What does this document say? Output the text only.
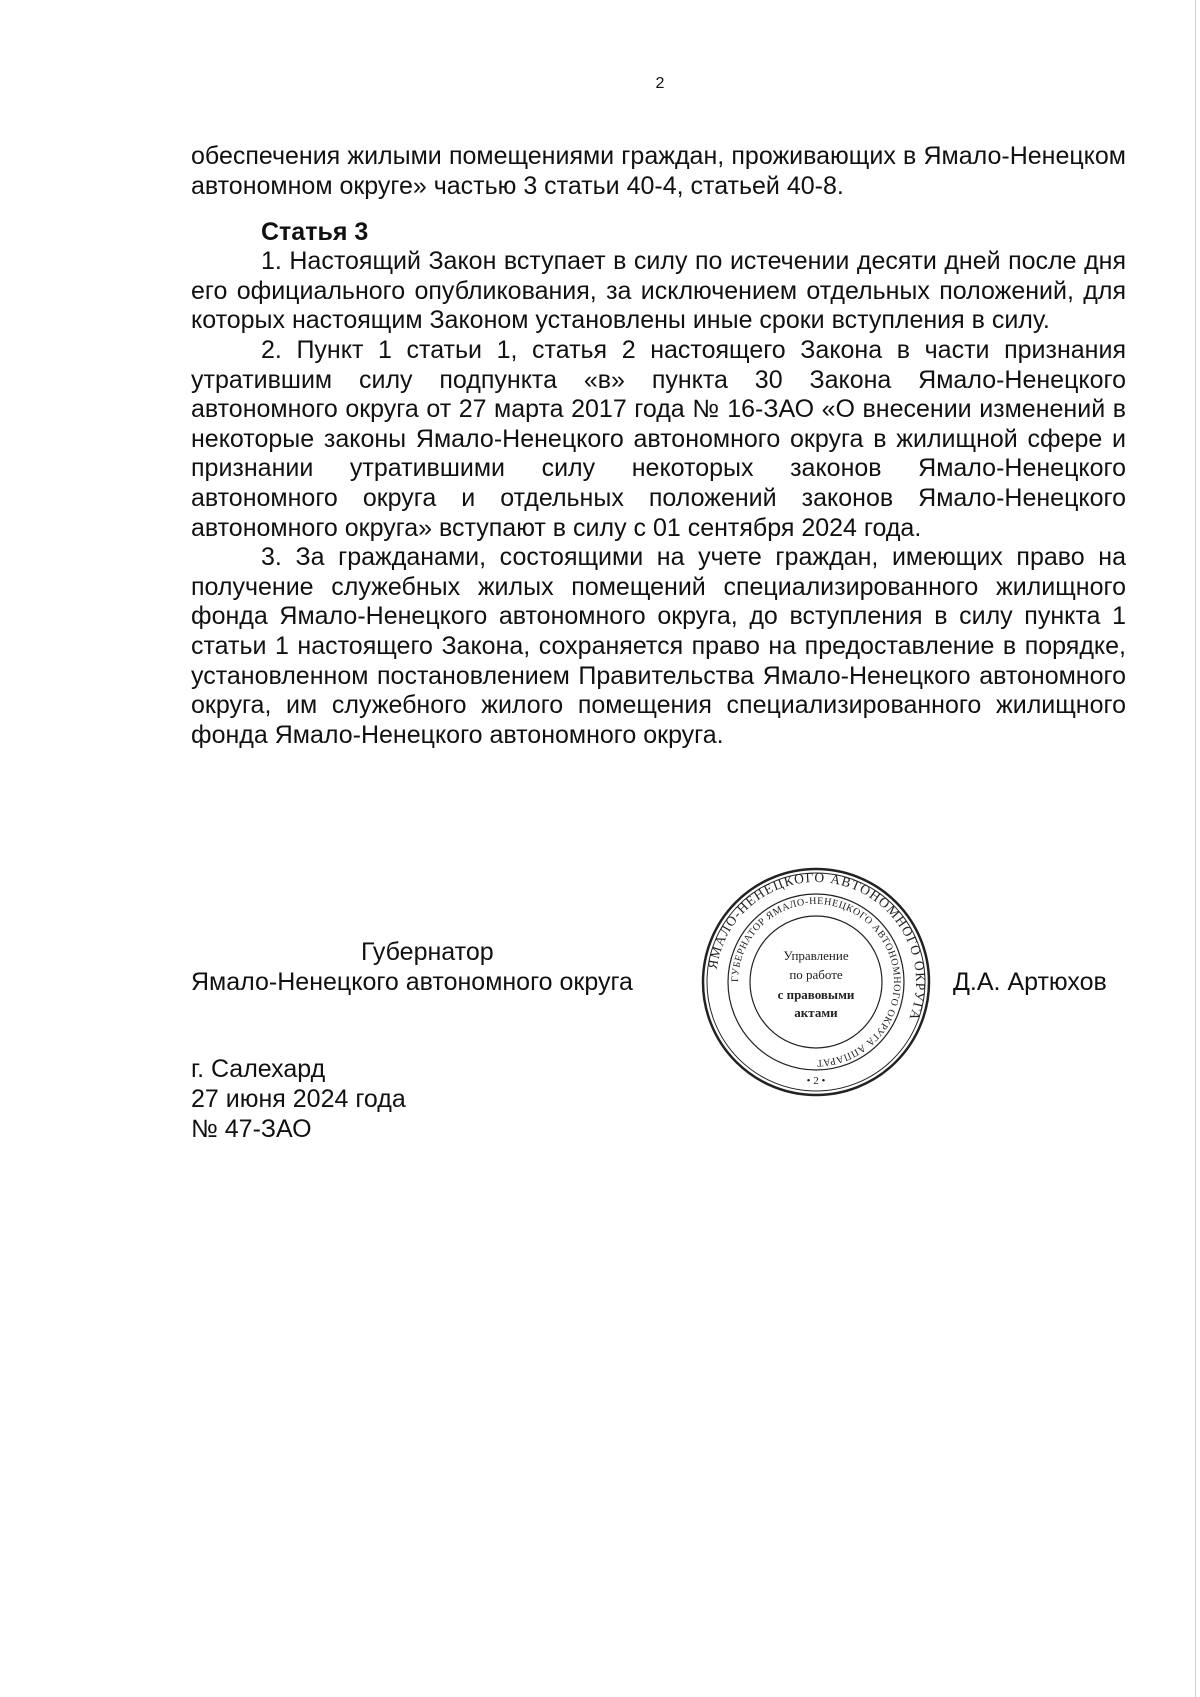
2

обеспечения жилыми помещениями граждан, проживающих в Ямало-Ненецком автономном округе» частью 3 статьи 40-4, статьей 40-8.

Статья 3

1. Настоящий Закон вступает в силу по истечении десяти дней после дня его официального опубликования, за исключением отдельных положений, для которых настоящим Законом установлены иные сроки вступления в силу.

2. Пункт 1 статьи 1, статья 2 настоящего Закона в части признания утратившим силу подпункта «в» пункта 30 Закона Ямало-Ненецкого автономного округа от 27 марта 2017 года № 16-ЗАО «О внесении изменений в некоторые законы Ямало-Ненецкого автономного округа в жилищной сфере и признании утратившими силу некоторых законов Ямало-Ненецкого автономного округа и отдельных положений законов Ямало-Ненецкого автономного округа» вступают в силу с 01 сентября 2024 года.

3. За гражданами, состоящими на учете граждан, имеющих право на получение служебных жилых помещений специализированного жилищного фонда Ямало-Ненецкого автономного округа, до вступления в силу пункта 1 статьи 1 настоящего Закона, сохраняется право на предоставление в порядке, установленном постановлением Правительства Ямало-Ненецкого автономного округа, им служебного жилого помещения специализированного жилищного фонда Ямало-Ненецкого автономного округа.

Губернатор
Ямало-Ненецкого автономного округа	Д.А. Артюхов
ЯМАЛО-НЕНЕЦКОГО АВТОНОМНОГО ОКРУГА
ГУБЕРНАТОР ЯМАЛО-НЕНЕЦКОГО АВТОНОМНОГО ОКРУГА АППАРАТ
Управление
по работе
с правовыми
актами
• 2 •
г. Салехард
27 июня 2024 года
№ 47-ЗАО
